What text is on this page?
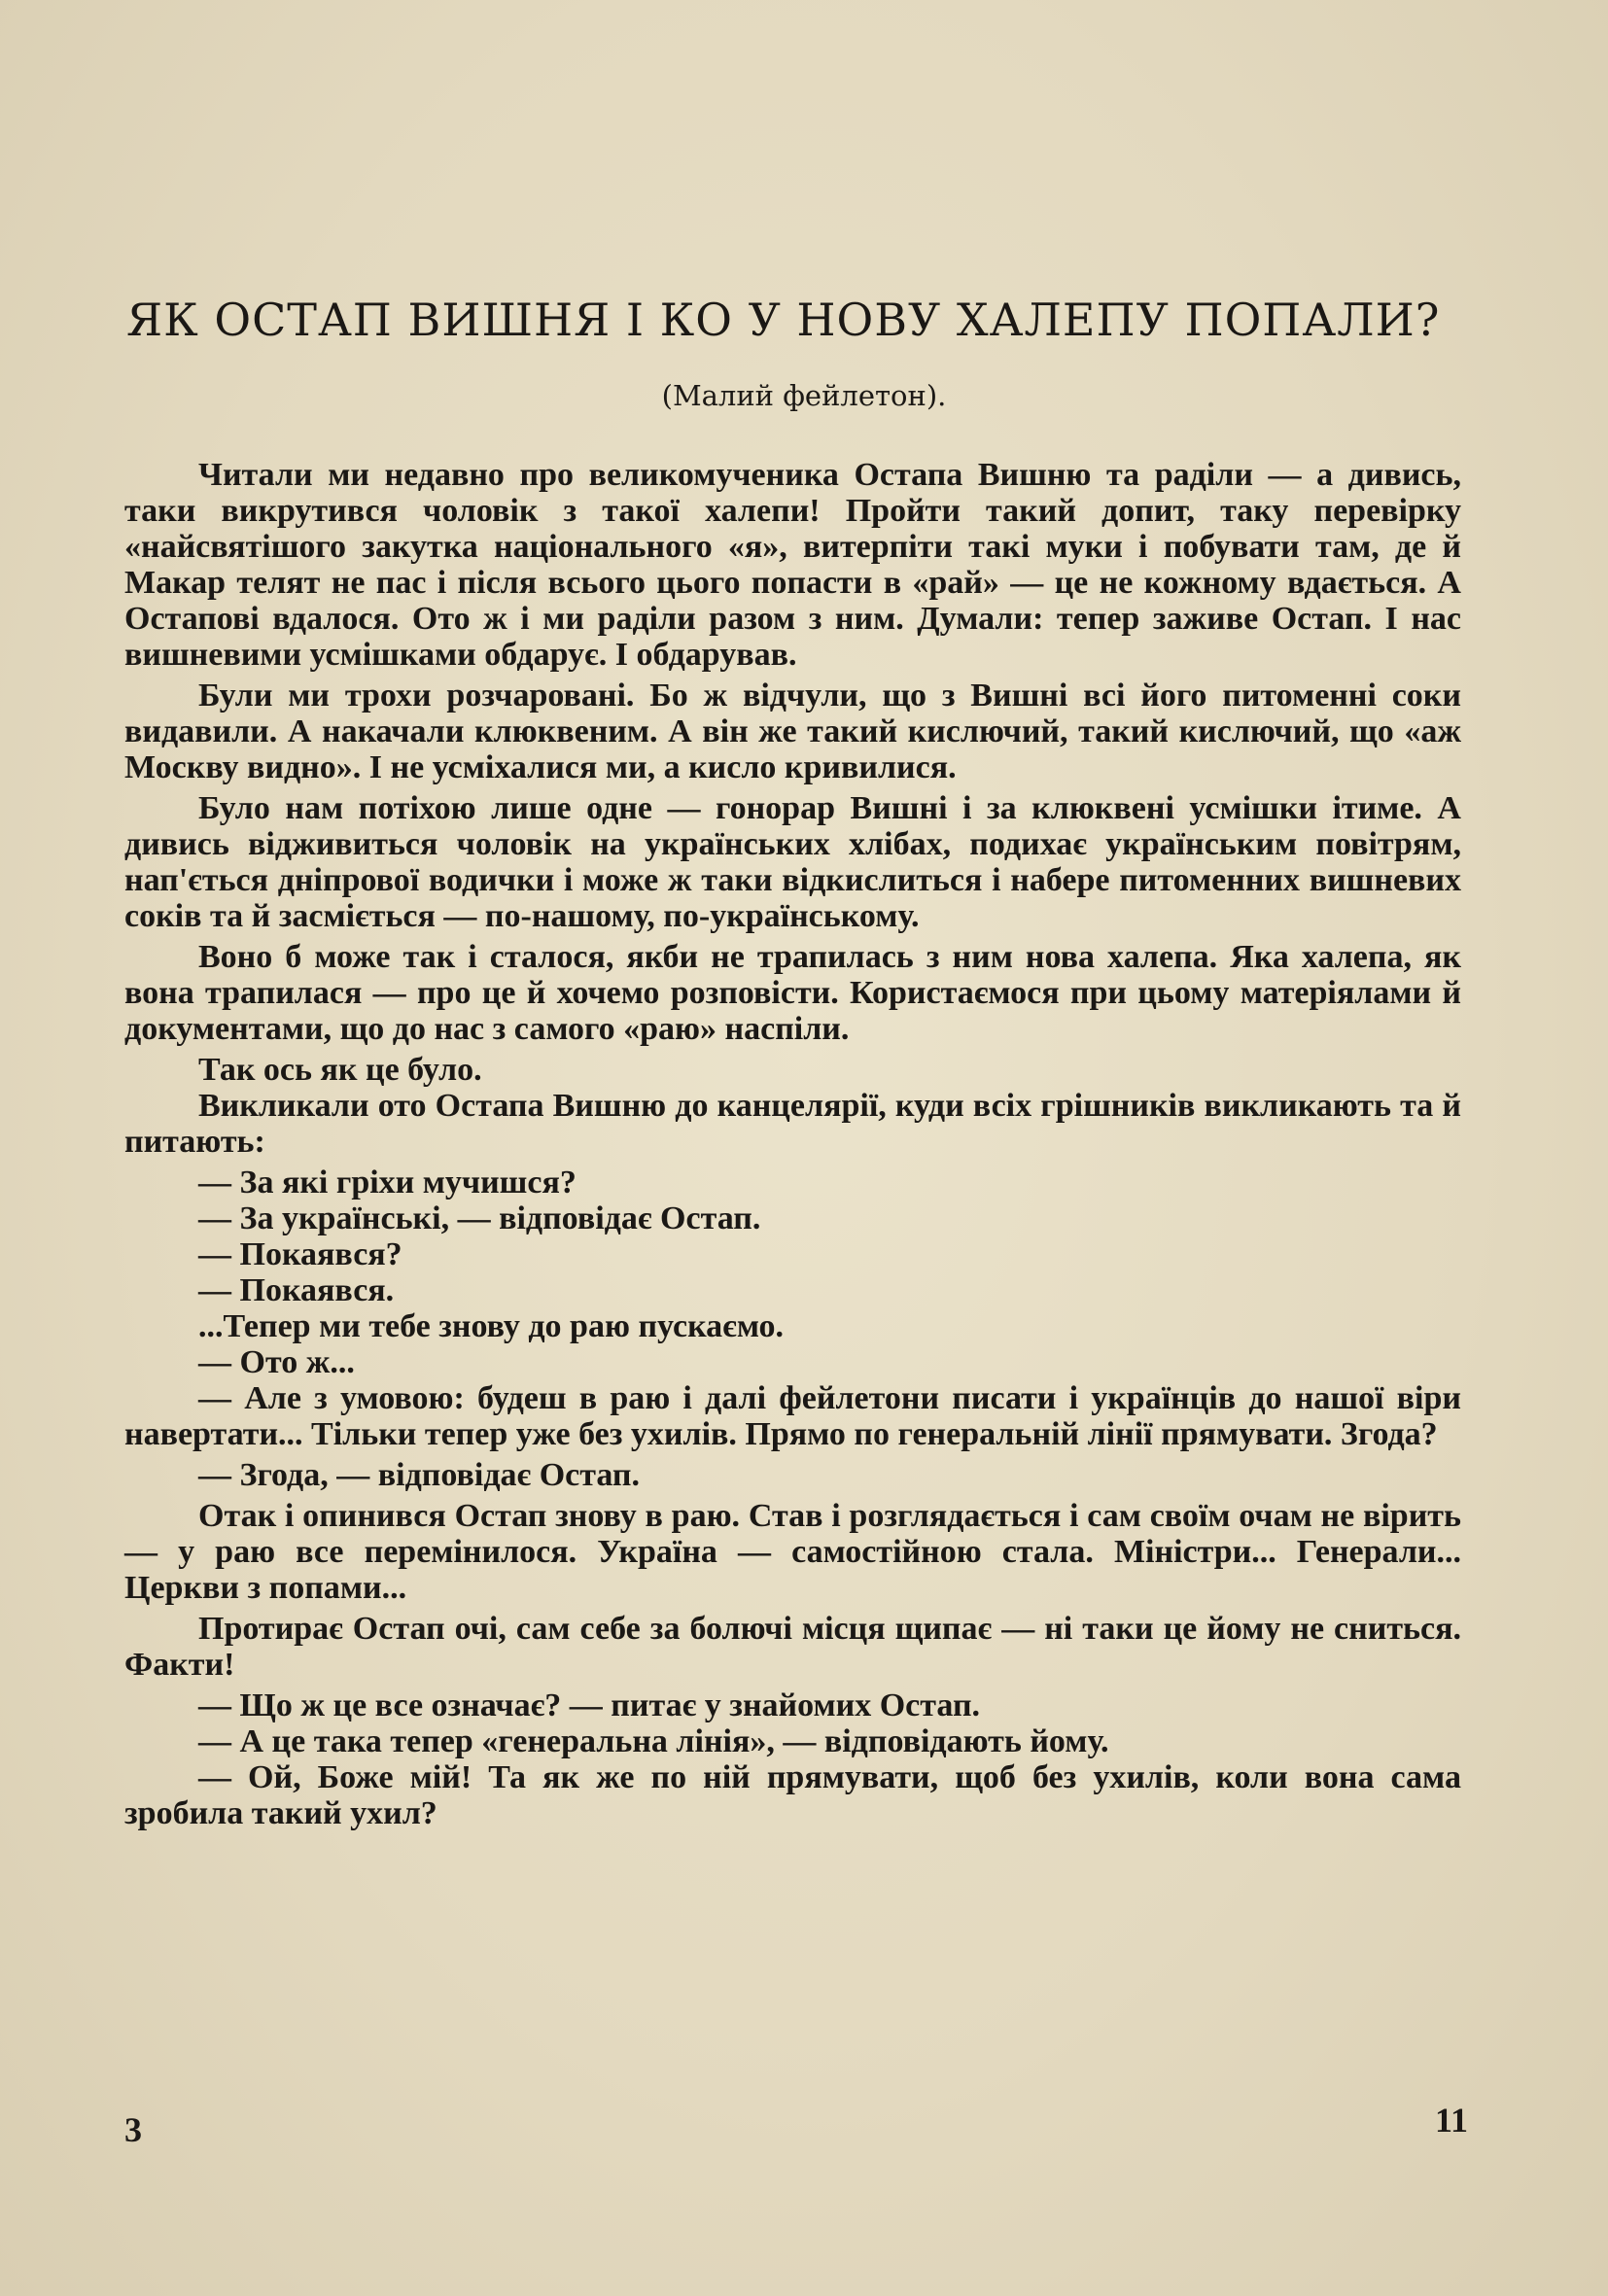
ЯК ОСТАП ВИШНЯ І КО У НОВУ ХАЛЕПУ ПОПАЛИ?

(Малий фейлетон).

Читали ми недавно про великомученика Остапа Вишню та раділи — а дивись, таки викрутився чоловік з такої халепи! Пройти такий допит, таку перевірку «найсвятішого закутка національного «я», витерпіти такі муки і побувати там, де й Макар телят не пас і після всього цього попасти в «рай» — це не кожному вдається. А Остапові вдалося. Ото ж і ми раділи разом з ним. Думали: тепер заживе Остап. І нас вишневими усмішками обдарує. І обдарував.

Були ми трохи розчаровані. Бо ж відчули, що з Вишні всі його питоменні соки видавили. А накачали клюквеним. А він же такий кислючий, такий кислючий, що «аж Москву видно». І не усміхалися ми, а кисло кривилися.

Було нам потіхою лише одне — гонорар Вишні і за клюквені усмішки ітиме. А дивись відживиться чоловік на українських хлібах, подихає українським повітрям, нап'ється дніпрової водички і може ж таки відкислиться і набере питоменних вишневих соків та й засміється — по-нашому, по-українському.

Воно б може так і сталося, якби не трапилась з ним нова халепа. Яка халепа, як вона трапилася — про це й хочемо розповісти. Користаємося при цьому матеріялами й документами, що до нас з самого «раю» наспіли.

Так ось як це було.

Викликали ото Остапа Вишню до канцелярії, куди всіх грішників викликають та й питають:

— За які гріхи мучишся?

— За українські, — відповідає Остап.

— Покаявся?

— Покаявся.

...Тепер ми тебе знову до раю пускаємо.

— Ото ж...

— Але з умовою: будеш в раю і далі фейлетони писати і українців до нашої віри навертати... Тільки тепер уже без ухилів. Прямо по генеральній лінії прямувати. Згода?

— Згода, — відповідає Остап.

Отак і опинився Остап знову в раю. Став і розглядається і сам своїм очам не вірить — у раю все перемінилося. Україна — самостійною стала. Міністри... Генерали... Церкви з попами...

Протирає Остап очі, сам себе за болючі місця щипає — ні таки це йому не сниться. Факти!

— Що ж це все означає? — питає у знайомих Остап.

— А це така тепер «генеральна лінія», — відповідають йому.

— Ой, Боже мій! Та як же по ній прямувати, щоб без ухилів, коли вона сама зробила такий ухил?

3	11
